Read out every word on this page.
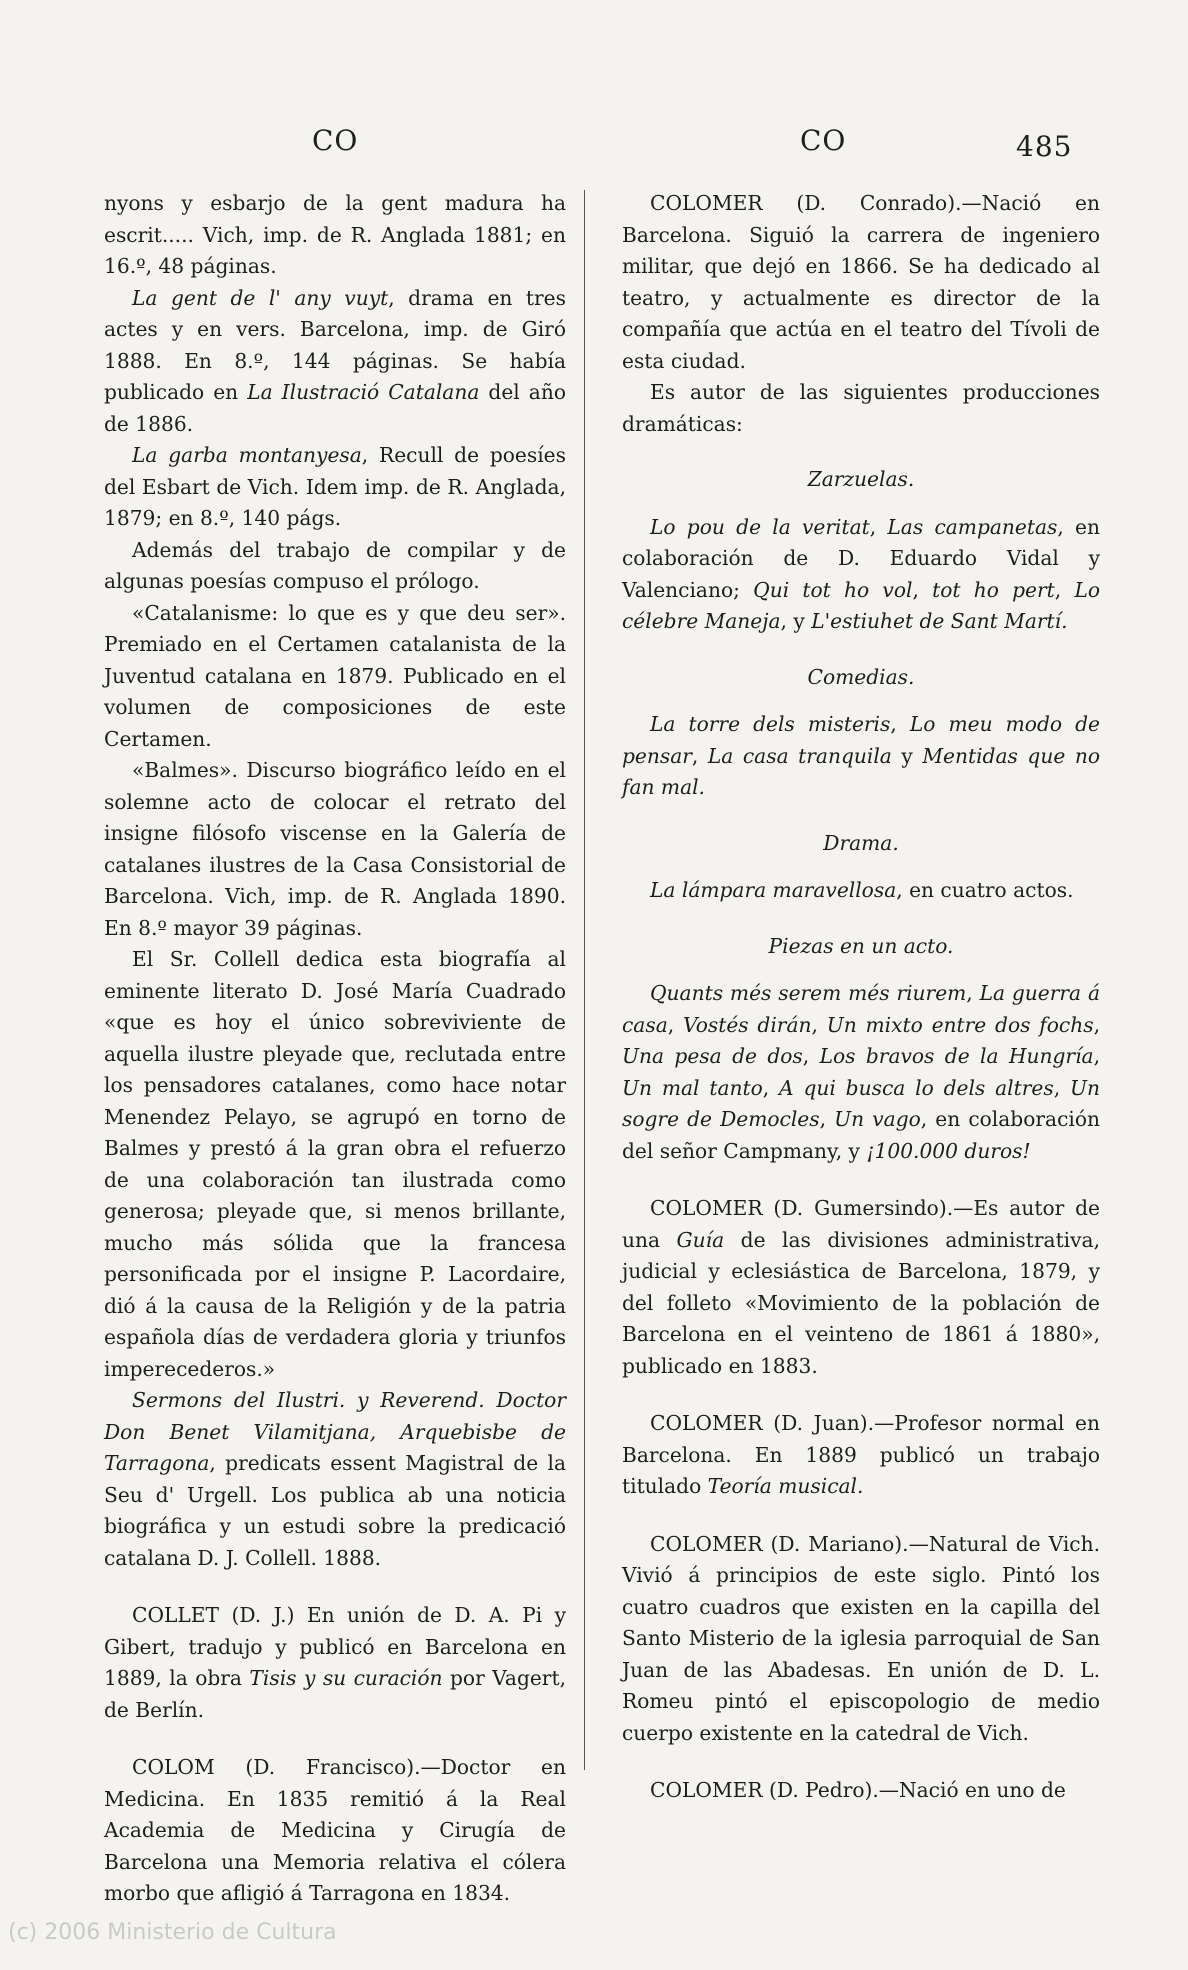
CO	CO	485

nyons y esbarjo de la gent madura ha escrit..... Vich, imp. de R. Anglada 1881; en 16.º, 48 páginas.

La gent de l' any vuyt, drama en tres actes y en vers. Barcelona, imp. de Giró 1888. En 8.º, 144 páginas. Se había publicado en La Ilustració Catalana del año de 1886.

La garba montanyesa, Recull de poesíes del Esbart de Vich. Idem imp. de R. Anglada, 1879; en 8.º, 140 págs.

Además del trabajo de compilar y de algunas poesías compuso el prólogo.

«Catalanisme: lo que es y que deu ser». Premiado en el Certamen catalanista de la Juventud catalana en 1879. Publicado en el volumen de composiciones de este Certamen.

«Balmes». Discurso biográfico leído en el solemne acto de colocar el retrato del insigne filósofo viscense en la Galería de catalanes ilustres de la Casa Consistorial de Barcelona. Vich, imp. de R. Anglada 1890. En 8.º mayor 39 páginas.

El Sr. Collell dedica esta biografía al eminente literato D. José María Cuadrado «que es hoy el único sobreviviente de aquella ilustre pleyade que, reclutada entre los pensadores catalanes, como hace notar Menendez Pelayo, se agrupó en torno de Balmes y prestó á la gran obra el refuerzo de una colaboración tan ilustrada como generosa; pleyade que, si menos brillante, mucho más sólida que la francesa personificada por el insigne P. Lacordaire, dió á la causa de la Religión y de la patria española días de verdadera gloria y triunfos imperecederos.»

Sermons del Ilustri. y Reverend. Doctor Don Benet Vilamitjana, Arquebisbe de Tarragona, predicats essent Magistral de la Seu d' Urgell. Los publica ab una noticia biográfica y un estudi sobre la predicació catalana D. J. Collell. 1888.

COLLET (D. J.) En unión de D. A. Pi y Gibert, tradujo y publicó en Barcelona en 1889, la obra Tisis y su curación por Vagert, de Berlín.

COLOM (D. Francisco).—Doctor en Medicina. En 1835 remitió á la Real Academia de Medicina y Cirugía de Barcelona una Memoria relativa el cólera morbo que afligió á Tarragona en 1834.

COLOMER (D. Conrado).—Nació en Barcelona. Siguió la carrera de ingeniero militar, que dejó en 1866. Se ha dedicado al teatro, y actualmente es director de la compañía que actúa en el teatro del Tívoli de esta ciudad.

Es autor de las siguientes producciones dramáticas:

Zarzuelas.

Lo pou de la veritat, Las campanetas, en colaboración de D. Eduardo Vidal y Valenciano; Qui tot ho vol, tot ho pert, Lo célebre Maneja, y L'estiuhet de Sant Martí.

Comedias.

La torre dels misteris, Lo meu modo de pensar, La casa tranquila y Mentidas que no fan mal.

Drama.

La lámpara maravellosa, en cuatro actos.

Piezas en un acto.

Quants més serem més riurem, La guerra á casa, Vostés dirán, Un mixto entre dos fochs, Una pesa de dos, Los bravos de la Hungría, Un mal tanto, A qui busca lo dels altres, Un sogre de Democles, Un vago, en colaboración del señor Campmany, y ¡100.000 duros!

COLOMER (D. Gumersindo).—Es autor de una Guía de las divisiones administrativa, judicial y eclesiástica de Barcelona, 1879, y del folleto «Movimiento de la población de Barcelona en el veinteno de 1861 á 1880», publicado en 1883.

COLOMER (D. Juan).—Profesor normal en Barcelona. En 1889 publicó un trabajo titulado Teoría musical.

COLOMER (D. Mariano).—Natural de Vich. Vivió á principios de este siglo. Pintó los cuatro cuadros que existen en la capilla del Santo Misterio de la iglesia parroquial de San Juan de las Abadesas. En unión de D. L. Romeu pintó el episcopologio de medio cuerpo existente en la catedral de Vich.

COLOMER (D. Pedro).—Nació en uno de

(c) 2006 Ministerio de Cultura
